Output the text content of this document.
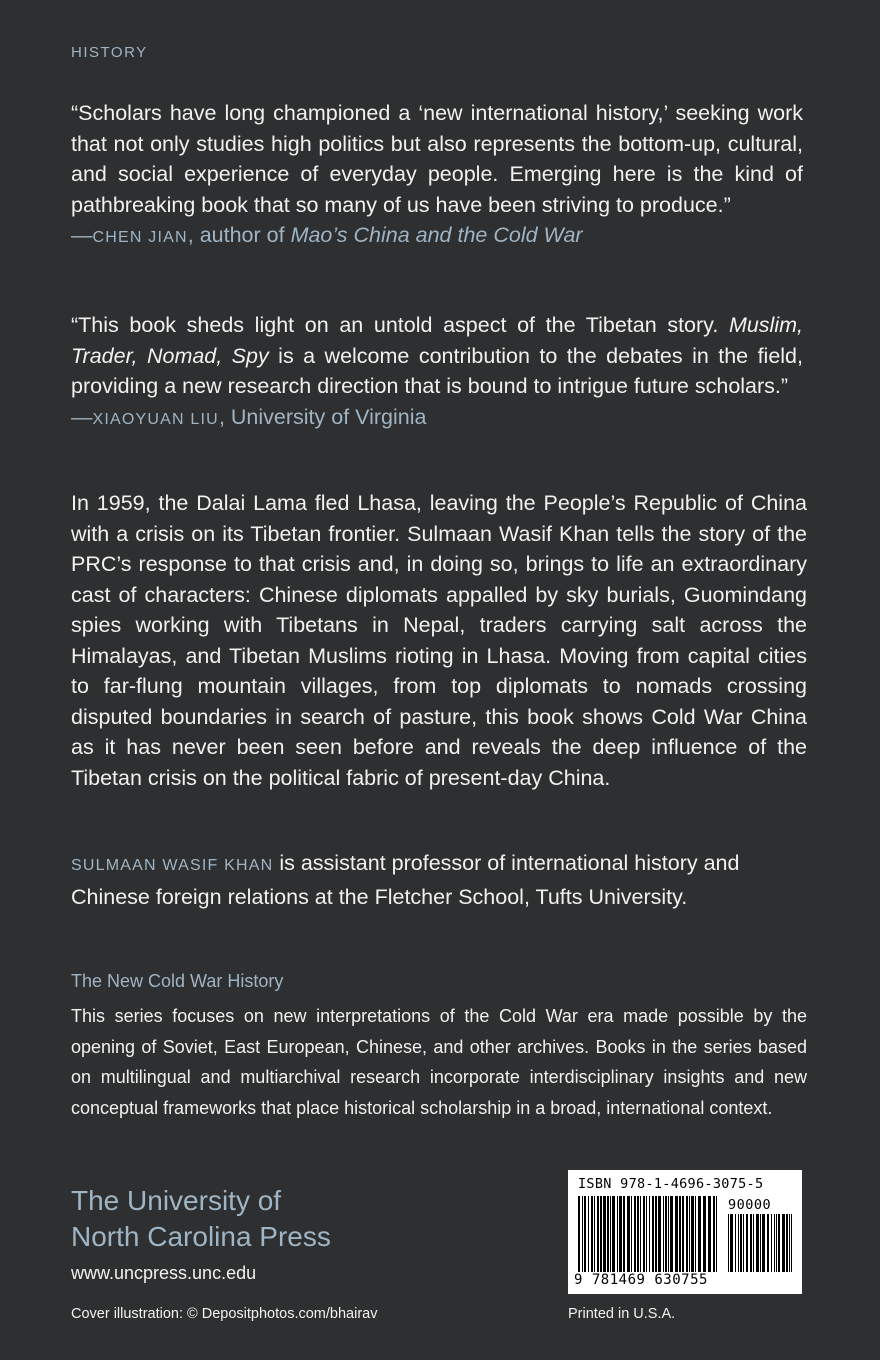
HISTORY

“Scholars have long championed a ‘new international history,’ seeking work that not only studies high politics but also represents the bottom-up, cultural, and social experience of everyday people. Emerging here is the kind of pathbreaking book that so many of us have been striving to produce.”

—CHEN JIAN, author of Mao’s China and the Cold War

“This book sheds light on an untold aspect of the Tibetan story. Muslim, Trader, Nomad, Spy is a welcome contribution to the debates in the field, providing a new research direction that is bound to intrigue future scholars.”

—XIAOYUAN LIU, University of Virginia

In 1959, the Dalai Lama fled Lhasa, leaving the People’s Republic of China with a crisis on its Tibetan frontier. Sulmaan Wasif Khan tells the story of the PRC’s response to that crisis and, in doing so, brings to life an extraordinary cast of characters: Chinese diplomats appalled by sky burials, Guomindang spies working with Tibetans in Nepal, traders carrying salt across the Himalayas, and Tibetan Muslims rioting in Lhasa. Moving from capital cities to far-flung mountain villages, from top diplomats to nomads crossing disputed boundaries in search of pasture, this book shows Cold War China as it has never been seen before and reveals the deep influence of the Tibetan crisis on the political fabric of present-day China.

SULMAAN WASIF KHAN is assistant professor of international history and Chinese foreign relations at the Fletcher School, Tufts University.

The New Cold War History

This series focuses on new interpretations of the Cold War era made possible by the opening of Soviet, East European, Chinese, and other archives. Books in the series based on multilingual and multiarchival research incorporate interdisciplinary insights and new conceptual frameworks that place historical scholarship in a broad, international context.

The University of
North Carolina Press
www.uncpress.unc.edu
Cover illustration: © Depositphotos.com/bhairav	Printed in U.S.A.
ISBN 978-1-4696-3075-5
90000
9 781469 630755
